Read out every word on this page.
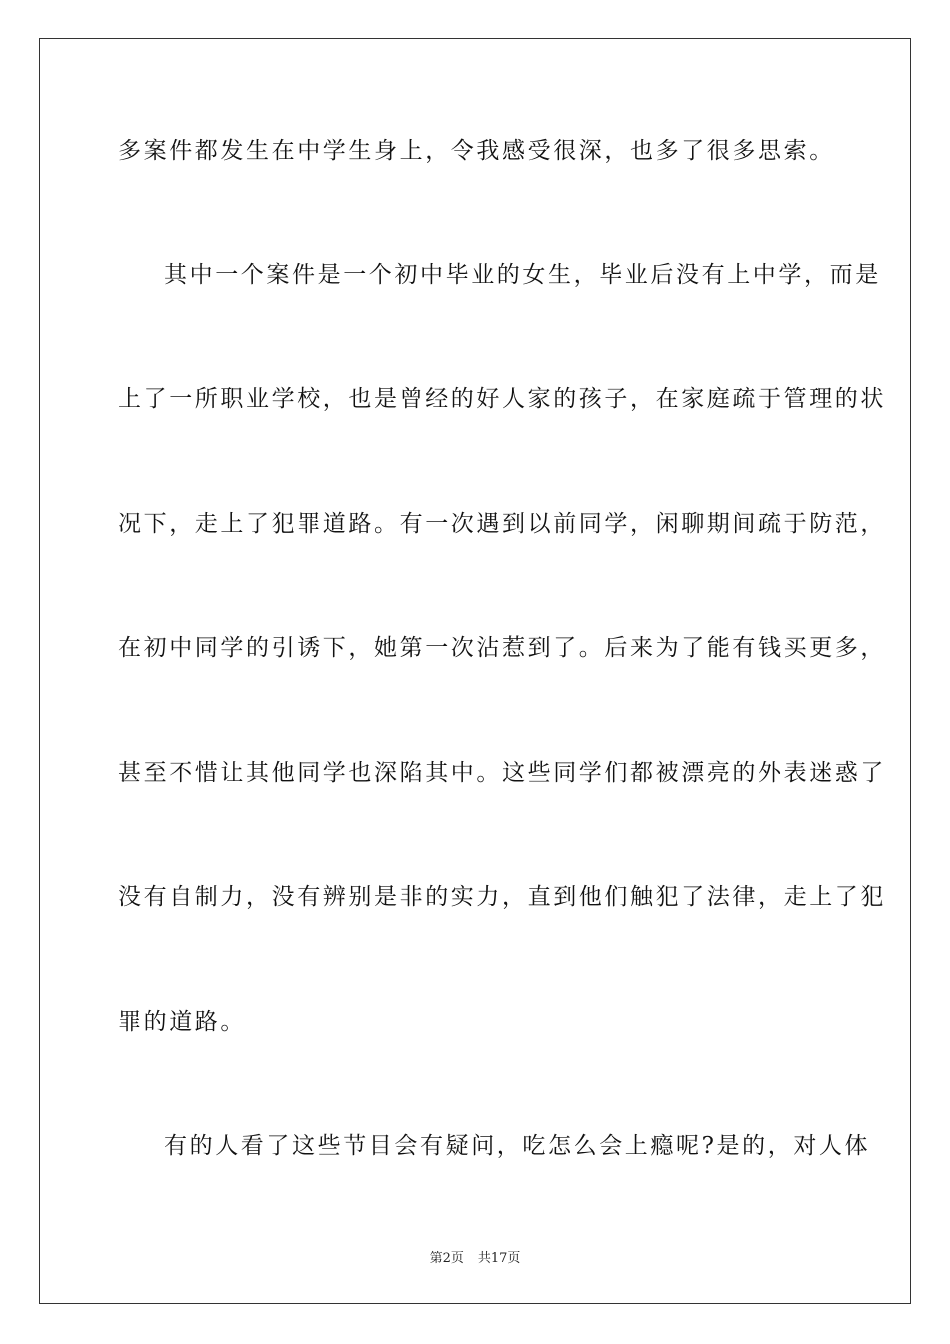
多案件都发生在中学生身上，令我感受很深，也多了很多思索。
其中一个案件是一个初中毕业的女生，毕业后没有上中学，而是
上了一所职业学校，也是曾经的好人家的孩子，在家庭疏于管理的状
况下，走上了犯罪道路。有一次遇到以前同学，闲聊期间疏于防范，
在初中同学的引诱下，她第一次沾惹到了。后来为了能有钱买更多，
甚至不惜让其他同学也深陷其中。这些同学们都被漂亮的外表迷惑了
没有自制力，没有辨别是非的实力，直到他们触犯了法律，走上了犯
罪的道路。
有的人看了这些节目会有疑问，吃怎么会上瘾呢?是的，对人体
第2页 共17页
